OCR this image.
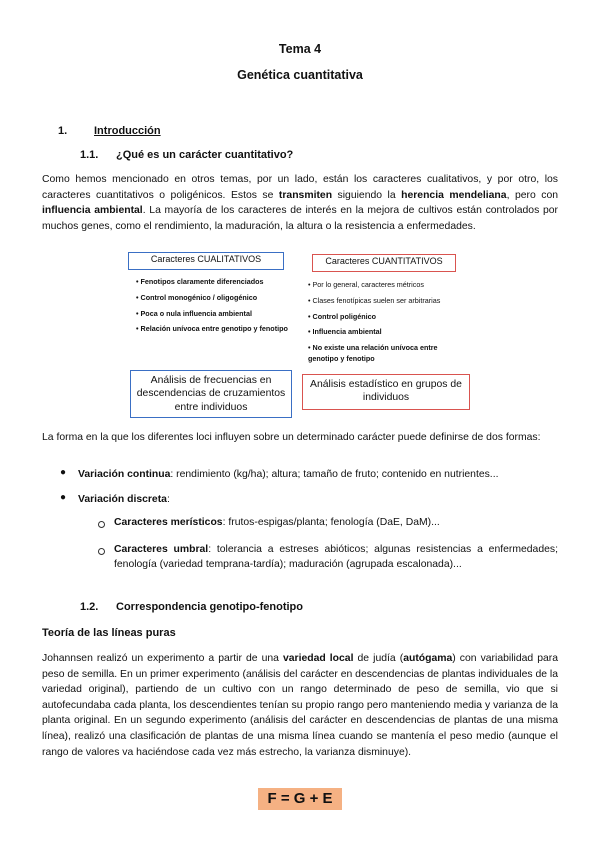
Tema 4
Genética cuantitativa
1. Introducción
1.1. ¿Qué es un carácter cuantitativo?
Como hemos mencionado en otros temas, por un lado, están los caracteres cualitativos, y por otro, los caracteres cuantitativos o poligénicos. Estos se transmiten siguiendo la herencia mendeliana, pero con influencia ambiental. La mayoría de los caracteres de interés en la mejora de cultivos están controlados por muchos genes, como el rendimiento, la maduración, la altura o la resistencia a enfermedades.
Caracteres CUALITATIVOS
• Fenotipos claramente diferenciados
• Control monogénico / oligogénico
• Poca o nula influencia ambiental
• Relación unívoca entre genotipo y fenotipo
Análisis de frecuencias en descendencias de cruzamientos entre individuos
Caracteres CUANTITATIVOS
• Por lo general, caracteres métricos
• Clases fenotípicas suelen ser arbitrarias
• Control poligénico
• Influencia ambiental
• No existe una relación unívoca entre genotipo y fenotipo
Análisis estadístico en grupos de individuos
La forma en la que los diferentes loci influyen sobre un determinado carácter puede definirse de dos formas:
● Variación continua: rendimiento (kg/ha); altura; tamaño de fruto; contenido en nutrientes...
● Variación discreta:
Caracteres merísticos: frutos-espigas/planta; fenología (DaE, DaM)...
Caracteres umbral: tolerancia a estreses abióticos; algunas resistencias a enfermedades; fenología (variedad temprana-tardía); maduración (agrupada escalonada)...
1.2. Correspondencia genotipo-fenotipo
Teoría de las líneas puras
Johannsen realizó un experimento a partir de una variedad local de judía (autógama) con variabilidad para peso de semilla. En un primer experimento (análisis del carácter en descendencias de plantas individuales de la variedad original), partiendo de un cultivo con un rango determinado de peso de semilla, vio que si autofecundaba cada planta, los descendientes tenían su propio rango pero manteniendo media y varianza de la planta original. En un segundo experimento (análisis del carácter en descendencias de plantas de una misma línea), realizó una clasificación de plantas de una misma línea cuando se mantenía el peso medio (aunque el rango de valores va haciéndose cada vez más estrecho, la varianza disminuye).
F = G + E
